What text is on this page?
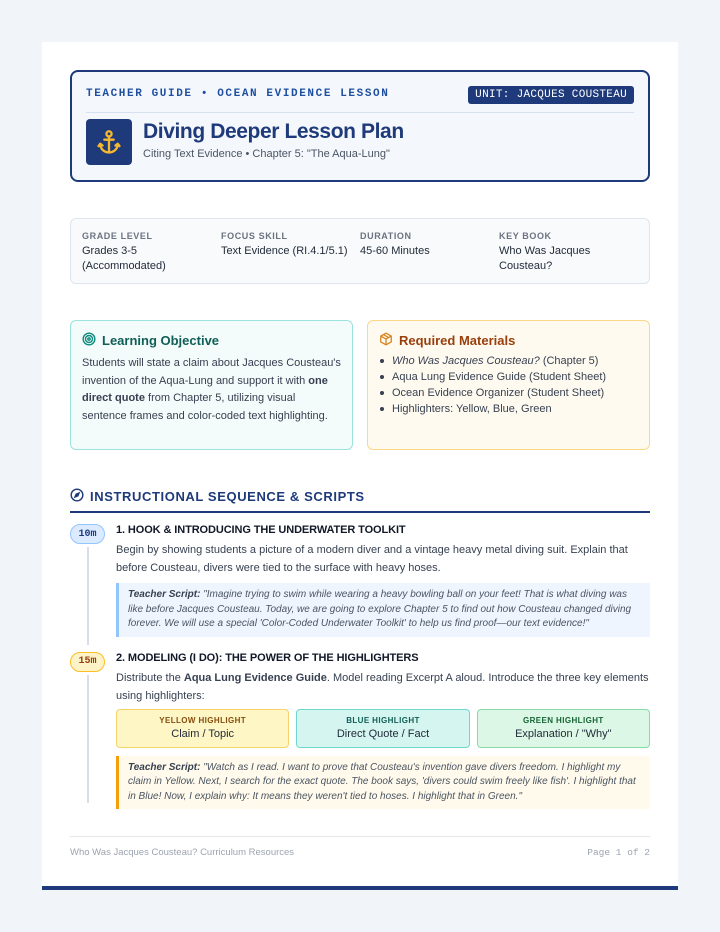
TEACHER GUIDE • OCEAN EVIDENCE LESSON	UNIT: JACQUES COUSTEAU
Diving Deeper Lesson Plan
Citing Text Evidence • Chapter 5: "The Aqua-Lung"
GRADE LEVEL
Grades 3-5 (Accommodated)
FOCUS SKILL
Text Evidence (RI.4.1/5.1)
DURATION
45-60 Minutes
KEY BOOK
Who Was Jacques Cousteau?
Learning Objective
Students will state a claim about Jacques Cousteau's invention of the Aqua-Lung and support it with one direct quote from Chapter 5, utilizing visual sentence frames and color-coded text highlighting.
Required Materials
Who Was Jacques Cousteau? (Chapter 5)
Aqua Lung Evidence Guide (Student Sheet)
Ocean Evidence Organizer (Student Sheet)
Highlighters: Yellow, Blue, Green
INSTRUCTIONAL SEQUENCE & SCRIPTS
10m	1. HOOK & INTRODUCING THE UNDERWATER TOOLKIT
Begin by showing students a picture of a modern diver and a vintage heavy metal diving suit. Explain that before Cousteau, divers were tied to the surface with heavy hoses.
Teacher Script: "Imagine trying to swim while wearing a heavy bowling ball on your feet! That is what diving was like before Jacques Cousteau. Today, we are going to explore Chapter 5 to find out how Cousteau changed diving forever. We will use a special 'Color-Coded Underwater Toolkit' to help us find proof—our text evidence!"
15m	2. MODELING (I DO): THE POWER OF THE HIGHLIGHTERS
Distribute the Aqua Lung Evidence Guide. Model reading Excerpt A aloud. Introduce the three key elements using highlighters:
YELLOW HIGHLIGHT
Claim / Topic
BLUE HIGHLIGHT
Direct Quote / Fact
GREEN HIGHLIGHT
Explanation / "Why"
Teacher Script: "Watch as I read. I want to prove that Cousteau's invention gave divers freedom. I highlight my claim in Yellow. Next, I search for the exact quote. The book says, 'divers could swim freely like fish'. I highlight that in Blue! Now, I explain why: It means they weren't tied to hoses. I highlight that in Green."
Who Was Jacques Cousteau? Curriculum Resources	Page 1 of 2
